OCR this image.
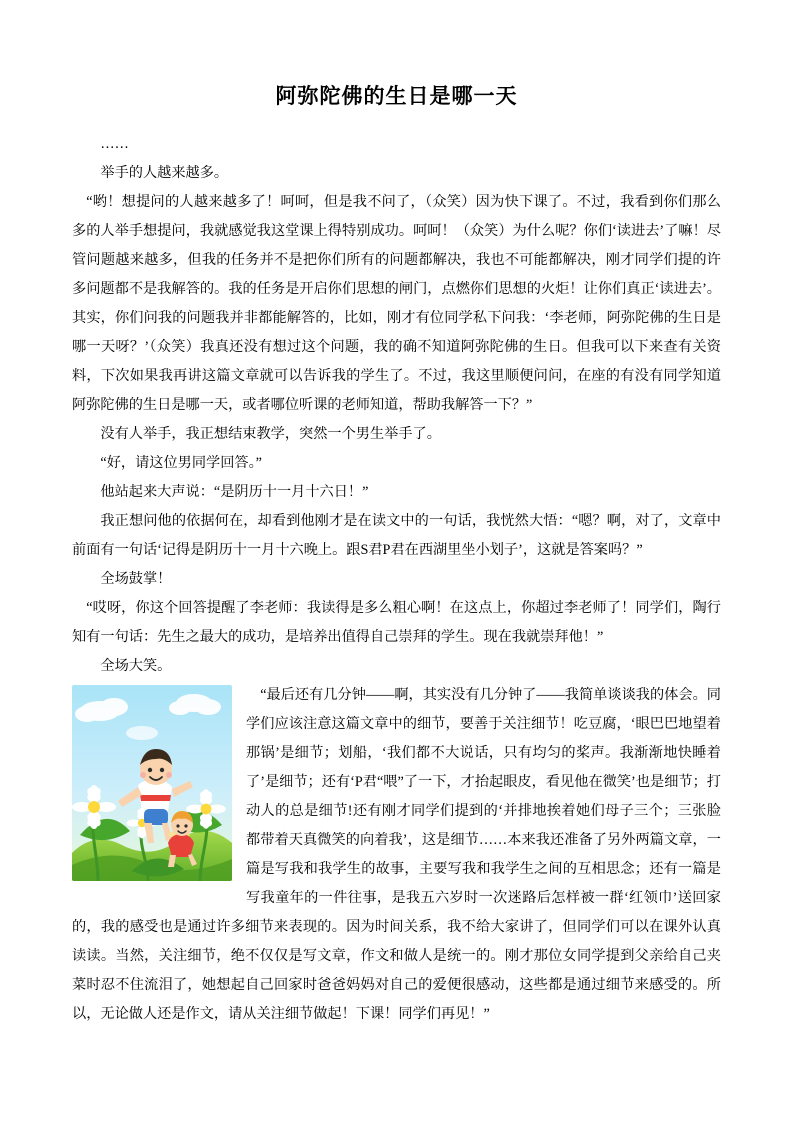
阿弥陀佛的生日是哪一天

……

举手的人越来越多。

“哟！想提问的人越来越多了！呵呵，但是我不问了，（众笑）因为快下课了。不过，我看到你们那么多的人举手想提问，我就感觉我这堂课上得特别成功。呵呵！（众笑）为什么呢？你们‘读进去’了嘛！尽管问题越来越多，但我的任务并不是把你们所有的问题都解决，我也不可能都解决，刚才同学们提的许多问题都不是我解答的。我的任务是开启你们思想的闸门，点燃你们思想的火炬！让你们真正‘读进去’。其实，你们问我的问题我并非都能解答的，比如，刚才有位同学私下问我：‘李老师，阿弥陀佛的生日是哪一天呀？’（众笑）我真还没有想过这个问题，我的确不知道阿弥陀佛的生日。但我可以下来查有关资料，下次如果我再讲这篇文章就可以告诉我的学生了。不过，我这里顺便问问，在座的有没有同学知道阿弥陀佛的生日是哪一天，或者哪位听课的老师知道，帮助我解答一下？”

没有人举手，我正想结束教学，突然一个男生举手了。

“好，请这位男同学回答。”

他站起来大声说：“是阴历十一月十六日！”

我正想问他的依据何在，却看到他刚才是在读文中的一句话，我恍然大悟：“嗯？啊，对了，文章中前面有一句话‘记得是阴历十一月十六晚上。跟S君P君在西湖里坐小划子’，这就是答案吗？”

全场鼓掌！

“哎呀，你这个回答提醒了李老师：我读得是多么粗心啊！在这点上，你超过李老师了！同学们，陶行知有一句话：先生之最大的成功，是培养出值得自己崇拜的学生。现在我就崇拜他！”

全场大笑。

“最后还有几分钟——啊，其实没有几分钟了——我简单谈谈我的体会。同学们应该注意这篇文章中的细节，要善于关注细节！吃豆腐，‘眼巴巴地望着那锅’是细节；划船，‘我们都不大说话，只有均匀的桨声。我渐渐地快睡着了’是细节；还有‘P君“喂”了一下，才抬起眼皮，看见他在微笑’也是细节；打动人的总是细节!还有刚才同学们提到的‘并排地挨着她们母子三个；三张脸都带着天真微笑的向着我’，这是细节……本来我还准备了另外两篇文章，一篇是写我和我学生的故事，主要写我和我学生之间的互相思念；还有一篇是写我童年的一件往事，是我五六岁时一次迷路后怎样被一群‘红领巾’送回家的，我的感受也是通过许多细节来表现的。因为时间关系，我不给大家讲了，但同学们可以在课外认真读读。当然，关注细节，绝不仅仅是写文章，作文和做人是统一的。刚才那位女同学提到父亲给自己夹菜时忍不住流泪了，她想起自己回家时爸爸妈妈对自己的爱便很感动，这些都是通过细节来感受的。所以，无论做人还是作文，请从关注细节做起！下课！同学们再见！”
